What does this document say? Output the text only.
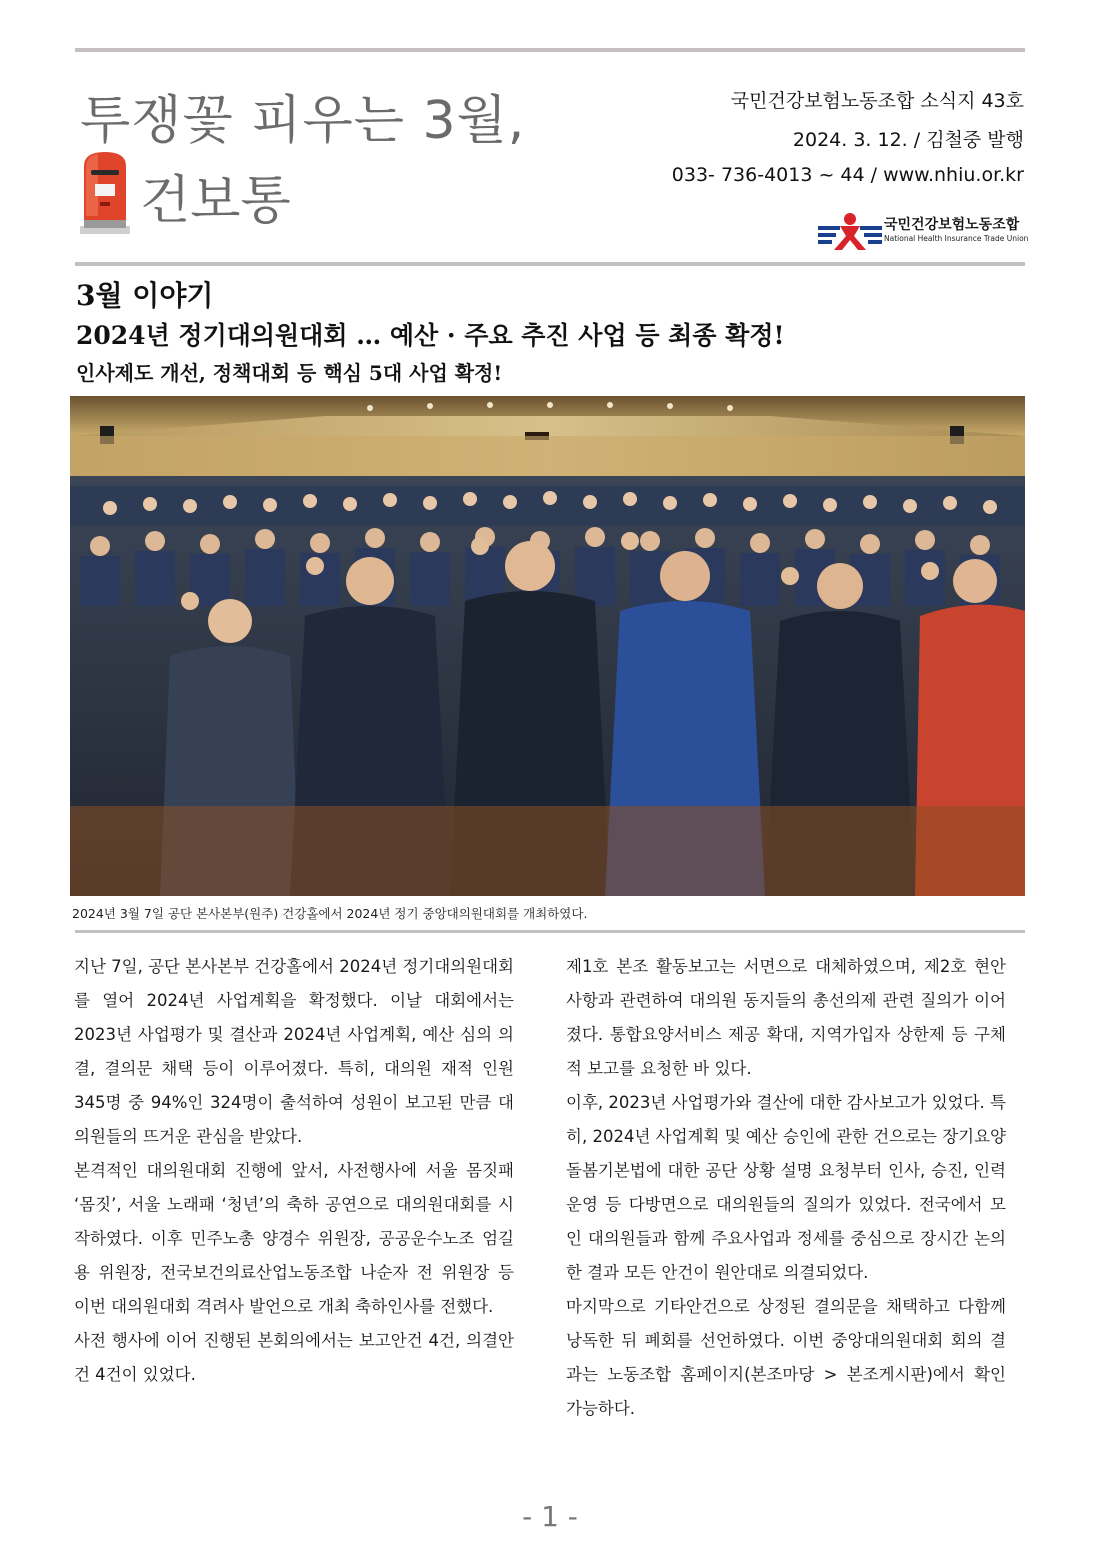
투쟁꽃 피우는 3월,
건보통
국민건강보험노동조합 소식지 43호
2024. 3. 12. / 김철중 발행
033- 736-4013 ~ 44 / www.nhiu.or.kr
국민건강보험노동조합
National Health Insurance Trade Union
3월 이야기
2024년 정기대의원대회 … 예산 · 주요 추진 사업 등 최종 확정!
인사제도 개선, 정책대회 등 핵심 5대 사업 확정!
2024년 3월 7일 공단 본사본부(원주) 건강홀에서 2024년 정기 중앙대의원대회를 개최하였다.

지난 7일, 공단 본사본부 건강홀에서 2024년 정기대의원대회를 열어 2024년 사업계획을 확정했다. 이날 대회에서는 2023년 사업평가 및 결산과 2024년 사업계획, 예산 심의 의결, 결의문 채택 등이 이루어졌다. 특히, 대의원 재적 인원 345명 중 94%인 324명이 출석하여 성원이 보고된 만큼 대의원들의 뜨거운 관심을 받았다.

본격적인 대의원대회 진행에 앞서, 사전행사에 서울 몸짓패 ‘몸짓’, 서울 노래패 ‘청년’의 축하 공연으로 대의원대회를 시작하였다. 이후 민주노총 양경수 위원장, 공공운수노조 엄길용 위원장, 전국보건의료산업노동조합 나순자 전 위원장 등 이번 대의원대회 격려사 발언으로 개최 축하인사를 전했다.

사전 행사에 이어 진행된 본회의에서는 보고안건 4건, 의결안건 4건이 있었다.

제1호 본조 활동보고는 서면으로 대체하였으며, 제2호 현안사항과 관련하여 대의원 동지들의 총선의제 관련 질의가 이어졌다. 통합요양서비스 제공 확대, 지역가입자 상한제 등 구체적 보고를 요청한 바 있다.

이후, 2023년 사업평가와 결산에 대한 감사보고가 있었다. 특히, 2024년 사업계획 및 예산 승인에 관한 건으로는 장기요양 돌봄기본법에 대한 공단 상황 설명 요청부터 인사, 승진, 인력운영 등 다방면으로 대의원들의 질의가 있었다. 전국에서 모인 대의원들과 함께 주요사업과 정세를 중심으로 장시간 논의한 결과 모든 안건이 원안대로 의결되었다.

마지막으로 기타안건으로 상정된 결의문을 채택하고 다함께 낭독한 뒤 폐회를 선언하였다. 이번 중앙대의원대회 회의 결과는 노동조합 홈페이지(본조마당 > 본조게시판)에서 확인 가능하다.

- 1 -
